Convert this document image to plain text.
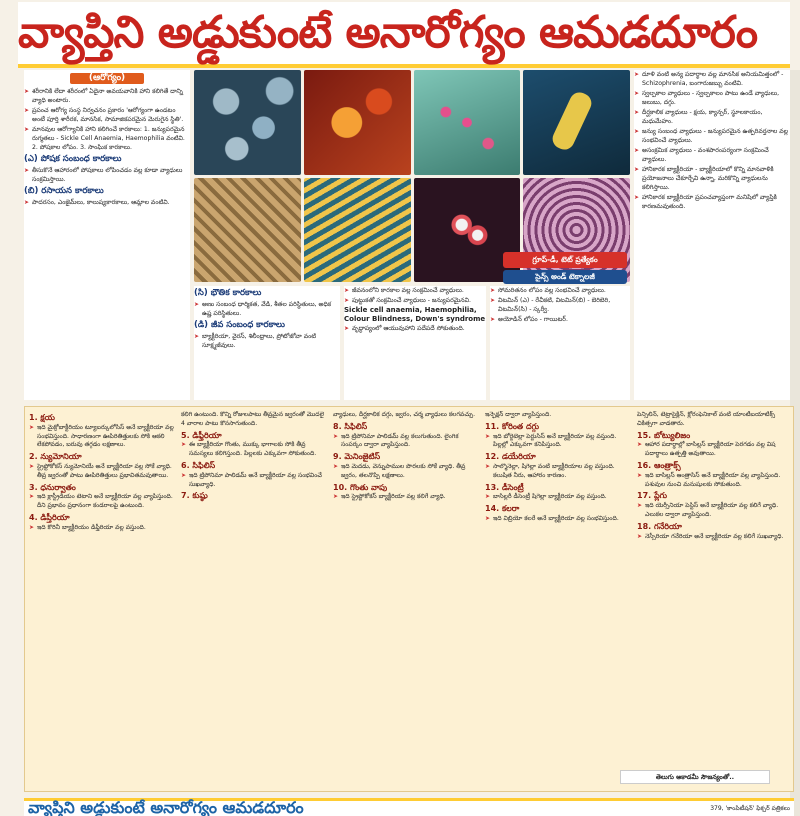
వ్యాప్తిని అడ్డుకుంటే అనారోగ్యం ఆమడదూరం
(ఆరోగ్యం)
➤ శరీరానికి లేదా శరీరంలో ఏదైనా అవయవానికి హాని కలిగితే దాన్ని వ్యాధి అంటారు.
➤ ప్రపంచ ఆరోగ్య సంస్థ నిర్వచనం ప్రకారం 'ఆరోగ్యంగా ఉండటం అంటే పూర్తి శారీరక, మానసిక, సామాజికపరమైన మెరుగైన స్థితి'.
➤ మానవుల ఆరోగ్యానికి హాని కలిగించే కారకాలు: 1. జన్యుపరమైన రుగ్మతలు - Sickle Cell Anaemia, Haemophilia వంటివి. 2. పోషకాల లోపం. 3. సాంఘిక కారకాలు.
(ఎ) పోషక సంబంధ కారకాలు
➤ తీసుకొనే ఆహారంలో పోషకాలు లోపించడం వల్ల కూడా వ్యాధులు సంక్రమిస్తాయి.
(బి) రసాయన కారకాలు
➤ పాదరసం, ఎంజైమ్‌లు, కాలుష్యకారకాలు, ఆమ్లాల వంటివి.
గ్రూప్-డీ, టెట్ ప్రత్యేకం
సైన్స్ అండ్ టెక్నాలజీ
(సి) భౌతిక కారకాలు
➤ అణు సంబంధ ధార్మికత, వేడి, శీతల పరిస్థితులు, అధిక ఉష్ణ పరిస్థితులు.
(డి) జీవ సంబంధ కారకాలు
➤ బ్యాక్టీరియా, వైరస్, శిలీంధ్రాలు, ప్రోటోజోవా వంటి సూక్ష్మజీవులు.
➤ జీవనంలోని కారకాల వల్ల సంక్రమించే వ్యాధులు.
➤ పుట్టుకతో సంక్రమించే వ్యాధులు - జన్యుపరమైనవి.
Sickle cell anaemia, Haemophilia, Colour Blindness, Down's syndrome
➤ వృద్ధాప్యంలో ఆయువుహాని పదేపదే సోకుతుంది.
➤ సోమరితనం లోపం వల్ల సంభవించే వ్యాధులు.
➤ విటమిన్ (ఎ) - రేచీకటి, విటమిన్(బి) - బెరిబెరి, విటమిన్(సి) - స్కర్వీ.
➤ అయోడిన్ లోపం - గాయిటర్.
➤ దూళి వంటి అన్య పదార్థాల వల్ల మానసిక అనియమిత్తంలో - Schizophrenia, బంగారుజబ్బు వంటివి.
➤ స్వల్పకాల వ్యాధులు - స్వల్పకాలం పాటు ఉండే వ్యాధులు, జలుబు, దగ్గు.
➤ దీర్ఘకాలిక వ్యాధులు - క్షయ, క్యాన్సర్, స్థూలకాయం, మధుమేహం.
➤ జన్యు సంబంధ వ్యాధులు - జన్యుపరమైన ఉత్పరివర్తనాల వల్ల సంభవించే వ్యాధులు.
➤ అసంక్రమిక వ్యాధులు - వంశపారంపర్యంగా సంక్రమించే వ్యాధులు.
➤ హానికారక బ్యాక్టీరియా - బ్యాక్టీరియాలో కొన్ని మానవాళికి ప్రయోజనాలు చేకూర్చేవి ఉన్నా, మరికొన్ని వ్యాధులను కలిగిస్తాయి.
➤ హానికారక బ్యాక్టీరియా ప్రపంచవ్యాప్తంగా మనిషిలో వ్యాప్తికి కారణమవుతుంది.
1. క్షయ
➤ ఇది మైక్రోబాక్టీరియం ట్యూబర్కులోసిస్ అనే బ్యాక్టీరియా వల్ల సంభవిస్తుంది. సాధారణంగా ఊపిరితిత్తులకు సోకి ఆకలి లేకపోవడం, బరువు తగ్గడం లక్షణాలు.
2. న్యుమోనియా
➤ స్ట్రెప్టోకోకస్ న్యుమోనియే అనే బ్యాక్టీరియా వల్ల సోకే వ్యాధి. తీవ్ర జ్వరంతో పాటు ఊపిరితిత్తులు ప్రభావితమవుతాయి.
3. ధనుర్వాతం
➤ ఇది క్లాస్ట్రీడియం టెటాని అనే బ్యాక్టీరియా వల్ల వ్యాపిస్తుంది. దీని ప్రభావం ప్రధానంగా కండరాలపై ఉంటుంది.
4. డిప్తీరియా
➤ ఇది కొరినీ బ్యాక్టీరియం డిఫ్తీరియా వల్ల వస్తుంది.
కలిగి ఉంటుంది. కొన్ని రోజులపాటు తీవ్రమైన జ్వరంతో మొదలై 4 వారాల పాటు కొనసాగుతుంది.
5. డిఫ్తీరియా
➤ ఈ బ్యాక్టీరియా గొంతు, ముక్కు భాగాలకు సోకి తీవ్ర సమస్యలు కలిగిస్తుంది. పిల్లలకు ఎక్కువగా సోకుతుంది.
6. సిఫిలిస్
➤ ఇది ట్రిపోనిమా పాలిడమ్ అనే బ్యాక్టీరియా వల్ల సంభవించే సుఖవ్యాధి.
7. కుష్ఠు
వ్యాధులు, దీర్ఘకాలిక దగ్గు, జ్వరం, చర్మ వ్యాధులు కలగవచ్చు.
8. సిఫిలిస్
➤ ఇది ట్రిపోనిమా పాలిడమ్ వల్ల కలుగుతుంది. లైంగిక సంపర్కం ద్వారా వ్యాపిస్తుంది.
9. మెనింజైటిస్
➤ ఇది మెదడు, వెన్నుపాముల పొరలకు సోకే వ్యాధి. తీవ్ర జ్వరం, తలనొప్పి లక్షణాలు.
10. గొంతు వాపు
➤ ఇది స్ట్రెప్టోకోకస్ బ్యాక్టీరియా వల్ల కలిగే వ్యాధి.
ఇన్ఫెక్షన్ ద్వారా వ్యాపిస్తుంది.
11. కోరింత దగ్గు
➤ ఇది బోర్డెటెల్లా పెర్టుసిస్ అనే బ్యాక్టీరియా వల్ల వస్తుంది. పిల్లల్లో ఎక్కువగా కనిపిస్తుంది.
12. డయేరియా
➤ సాల్మొనెల్లా, షిగెల్లా వంటి బ్యాక్టీరియాల వల్ల వస్తుంది. కలుషిత నీరు, ఆహారం కారణం.
13. డీసెంట్రీ
➤ బాసిల్లరీ డీసెంట్రీ షిగెల్లా బ్యాక్టీరియా వల్ల వస్తుంది.
14. కలరా
➤ ఇది విబ్రియో కలరే అనే బ్యాక్టీరియా వల్ల సంభవిస్తుంది.
పెన్సిలిన్, టెట్రాసైక్లిన్, క్లోరంఫెనికాల్ వంటి యాంటీబయాటిక్స్ చికిత్సగా వాడతారు.
15. బోట్యులిజం
➤ ఆహార పదార్థాల్లో బాసిల్లస్ బ్యాక్టీరియా పెరగడం వల్ల విష పదార్థాలు ఉత్పత్తి అవుతాయి.
16. ఆంత్రాక్స్
➤ ఇది బాసిల్లస్ ఆంత్రాసిస్ అనే బ్యాక్టీరియా వల్ల వ్యాపిస్తుంది. పశువుల నుంచి మనుషులకు సోకుతుంది.
17. ప్లేగు
➤ ఇది యెర్సీనియా పెస్టిస్ అనే బ్యాక్టీరియా వల్ల కలిగే వ్యాధి. ఎలుకల ద్వారా వ్యాపిస్తుంది.
18. గనేరియా
➤ నెస్సీరియా గనేరియా అనే బ్యాక్టీరియా వల్ల కలిగే సుఖవ్యాధి.
తెలుగు అకాడమీ సౌజన్యంతో..
వ్యాప్తిని అడ్డుకుంటే అనారోగ్యం ఆమడదూరం	379, 'కాంపిటీషన్' ఫిక్చర్ పత్రికలు
